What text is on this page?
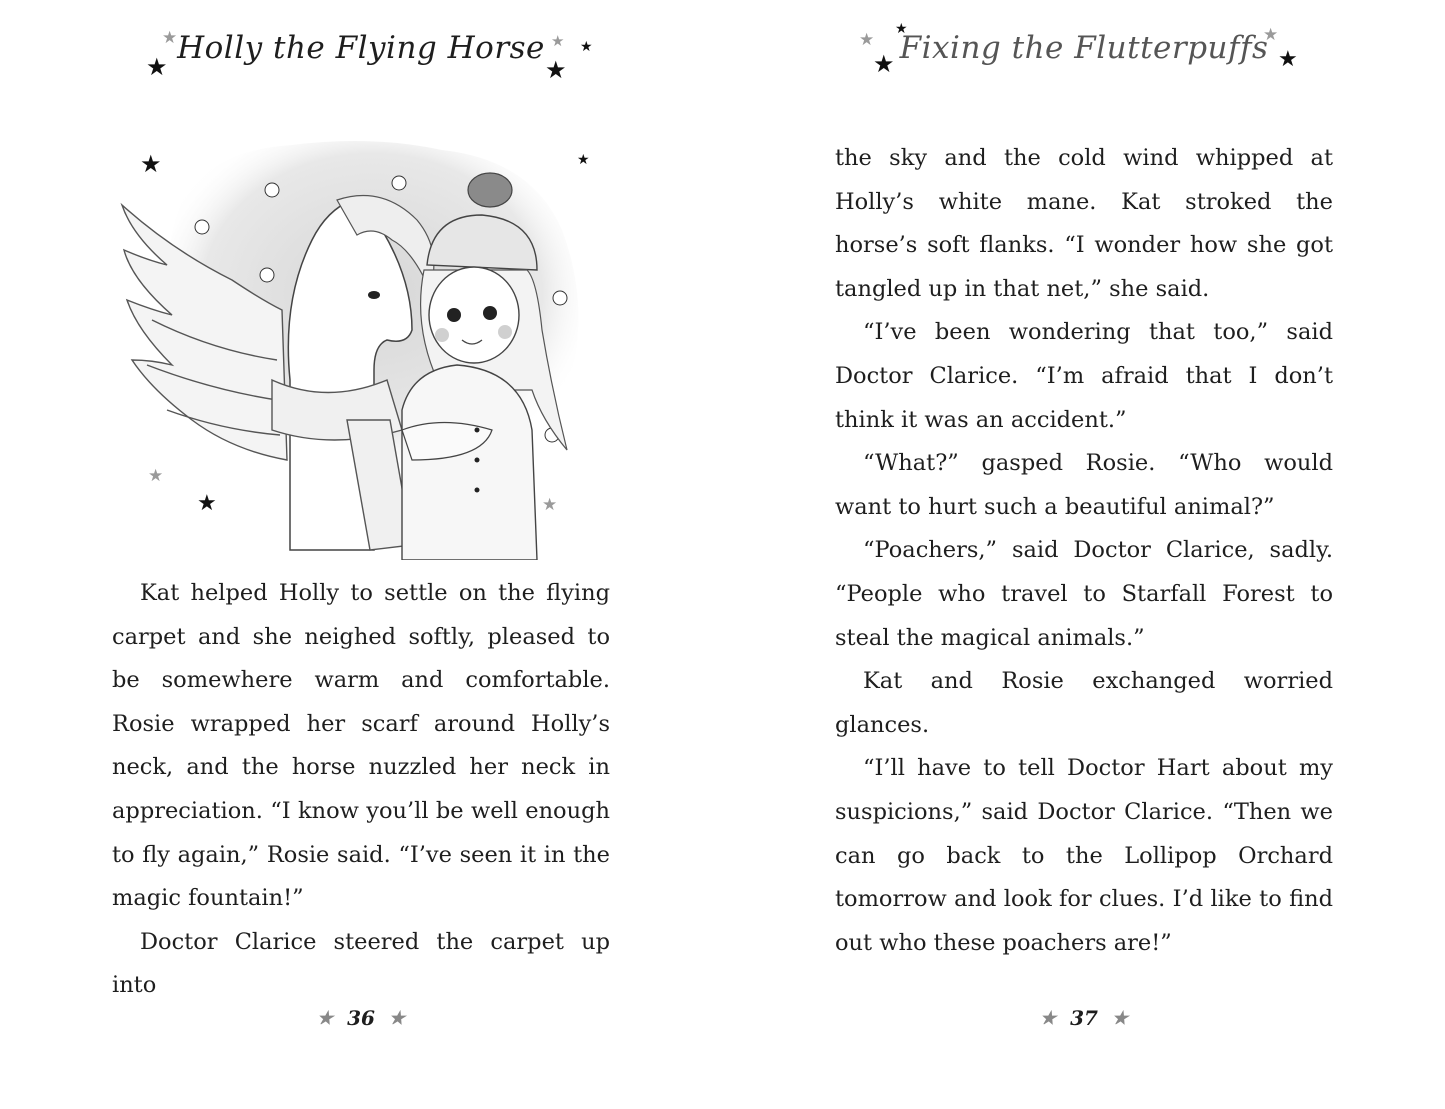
★
★
Holly the Flying Horse ★ ★
★
★	★
★
★	★

Kat helped Holly to settle on the flying carpet and she neighed softly, pleased to be somewhere warm and comfortable. Rosie wrapped her scarf around Holly’s neck, and the horse nuzzled her neck in appreciation. “I know you’ll be well enough to fly again,” Rosie said. “I’ve seen it in the magic fountain!”

Doctor Clarice steered the carpet up into

★ 36 ★
★
★
★ Fixing the Flutterpuffs
★
★

the sky and the cold wind whipped at Holly’s white mane. Kat stroked the horse’s soft flanks. “I wonder how she got tangled up in that net,” she said.

“I’ve been wondering that too,” said Doctor Clarice. “I’m afraid that I don’t think it was an accident.”

“What?” gasped Rosie. “Who would want to hurt such a beautiful animal?”

“Poachers,” said Doctor Clarice, sadly. “People who travel to Starfall Forest to steal the magical animals.”

Kat and Rosie exchanged worried glances.

“I’ll have to tell Doctor Hart about my suspicions,” said Doctor Clarice. “Then we can go back to the Lollipop Orchard tomorrow and look for clues. I’d like to find out who these poachers are!”

★ 37 ★
